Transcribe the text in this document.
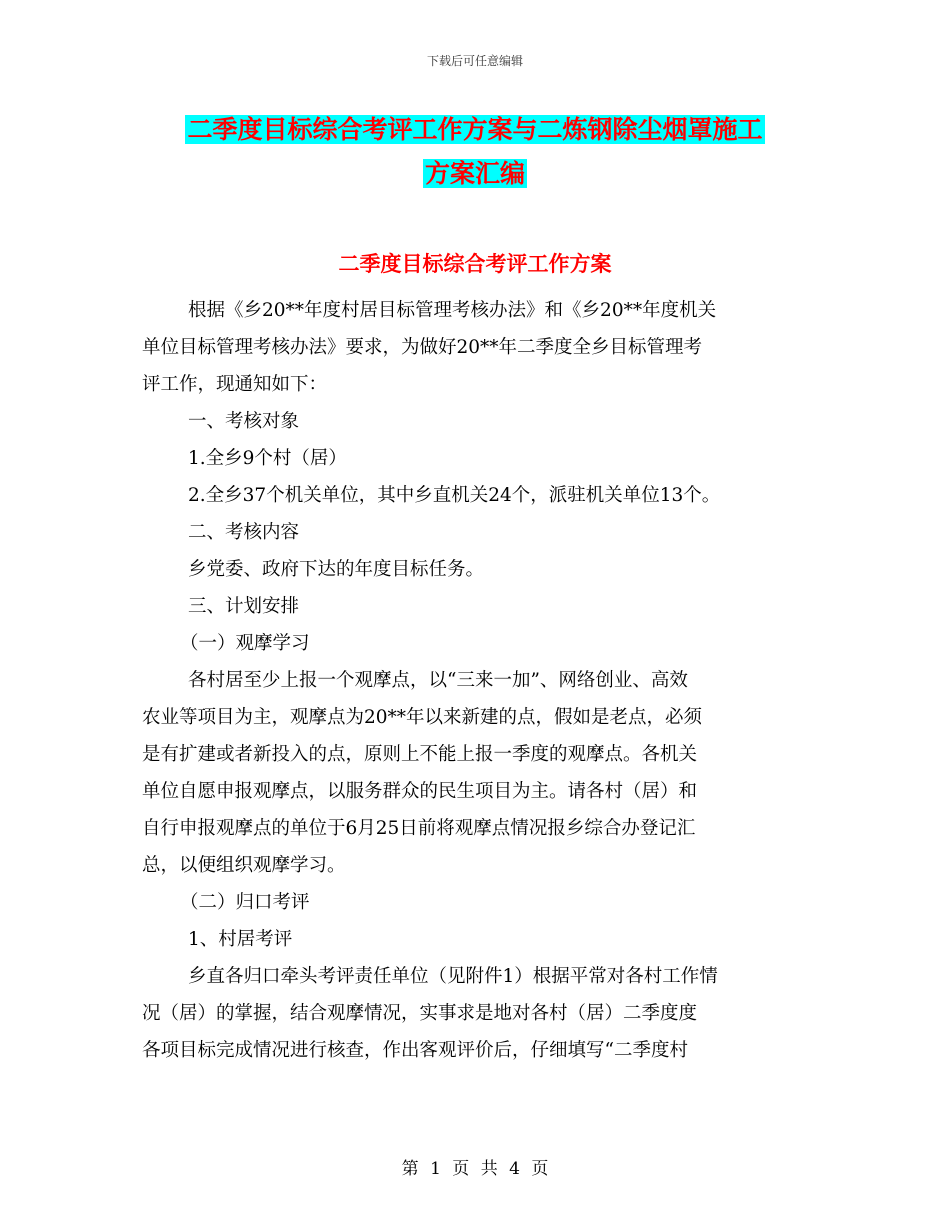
下载后可任意编辑
二季度目标综合考评工作方案与二炼钢除尘烟罩施工
方案汇编
二季度目标综合考评工作方案
根据《乡20**年度村居目标管理考核办法》和《乡20**年度机关
单位目标管理考核办法》要求，为做好20**年二季度全乡目标管理考
评工作，现通知如下：
一、考核对象
1.全乡9个村（居）
2.全乡37个机关单位，其中乡直机关24个，派驻机关单位13个。
二、考核内容
乡党委、政府下达的年度目标任务。
三、计划安排
（一）观摩学习
各村居至少上报一个观摩点，以“三来一加”、网络创业、高效
农业等项目为主，观摩点为20**年以来新建的点，假如是老点，必须
是有扩建或者新投入的点，原则上不能上报一季度的观摩点。各机关
单位自愿申报观摩点，以服务群众的民生项目为主。请各村（居）和
自行申报观摩点的单位于6月25日前将观摩点情况报乡综合办登记汇
总，以便组织观摩学习。
（二）归口考评
1、村居考评
乡直各归口牵头考评责任单位（见附件1）根据平常对各村工作情
况（居）的掌握，结合观摩情况，实事求是地对各村（居）二季度度
各项目标完成情况进行核查，作出客观评价后，仔细填写“二季度村
第 1 页 共 4 页
